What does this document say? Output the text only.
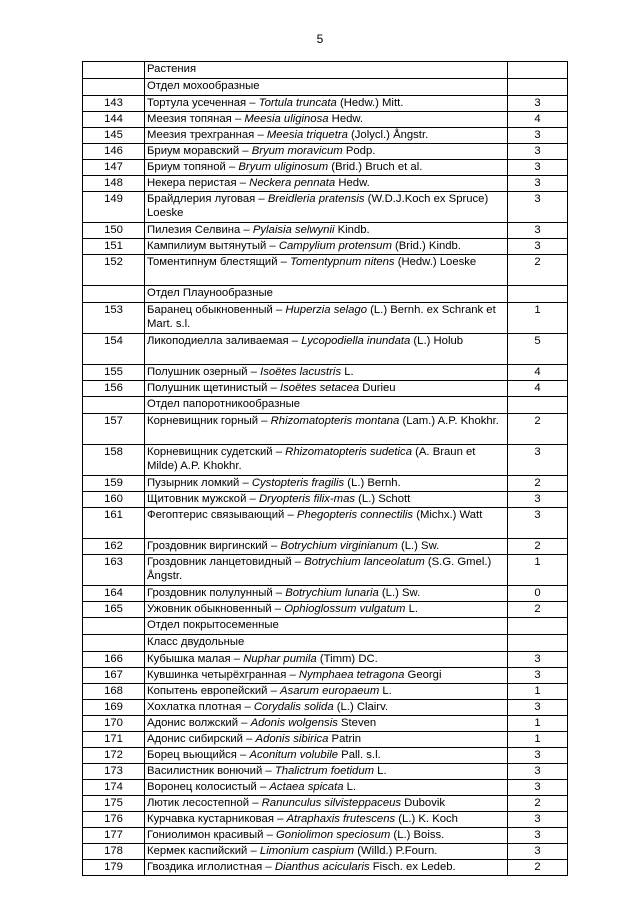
5
	Растения	
	Отдел мохообразные	
143	Тортула усеченная – Tortula truncata (Hedw.) Mitt.	3
144	Меезия топяная – Meesia uliginosa Hedw.	4
145	Меезия трехгранная – Meesia triquetra (Jolycl.) Ångstr.	3
146	Бриум моравский – Bryum moravicum Podp.	3
147	Бриум топяной – Bryum uliginosum (Brid.) Bruch et al.	3
148	Некера перистая – Neckera pennata Hedw.	3
149	Брайдлерия луговая – Breidleria pratensis (W.D.J.Koch ex Spruce) Loeske	3
150	Пилезия Селвина – Pylaisia selwynii Kindb.	3
151	Кампилиум вытянутый – Campylium protensum (Brid.) Kindb.	3
152	Томентипнум блестящий – Tomentypnum nitens (Hedw.) Loeske	2
	Отдел Плаунообразные	
153	Баранец обыкновенный – Huperzia selago (L.) Bernh. ex Schrank et Mart. s.l.	1
154	Ликоподиелла заливаемая – Lycopodiella inundata (L.) Holub	5
155	Полушник озерный – Isoëtes lacustris L.	4
156	Полушник щетинистый – Isoëtes setacea Durieu	4
	Отдел папоротникообразные	
157	Корневищник горный – Rhizomatopteris montana (Lam.) A.P. Khokhr.	2
158	Корневищник судетский – Rhizomatopteris sudetica (A. Braun et Milde) A.P. Khokhr.	3
159	Пузырник ломкий – Cystopteris fragilis (L.) Bernh.	2
160	Щитовник мужской – Dryopteris filix-mas (L.) Schott	3
161	Фегоптерис связывающий – Phegopteris connectilis (Michx.) Watt	3
162	Гроздовник виргинский – Botrychium virginianum (L.) Sw.	2
163	Гроздовник ланцетовидный – Botrychium lanceolatum (S.G. Gmel.) Ångstr.	1
164	Гроздовник полулунный – Botrychium lunaria (L.) Sw.	0
165	Ужовник обыкновенный – Ophioglossum vulgatum L.	2
	Отдел покрытосеменные	
	Класс двудольные	
166	Кубышка малая – Nuphar pumila (Timm) DC.	3
167	Кувшинка четырёхгранная – Nymphaea tetragona Georgi	3
168	Копытень европейский – Asarum europaeum L.	1
169	Хохлатка плотная – Corydalis solida (L.) Clairv.	3
170	Адонис волжский – Adonis wolgensis Steven	1
171	Адонис сибирский – Adonis sibirica Patrin	1
172	Борец вьющийся – Aconitum volubile Pall. s.l.	3
173	Василистник вонючий – Thalictrum foetidum L.	3
174	Воронец колосистый – Actaea spicata L.	3
175	Лютик лесостепной – Ranunculus silvisteppaceus Dubovik	2
176	Курчавка кустарниковая – Atraphaxis frutescens (L.) K. Koch	3
177	Гониолимон красивый – Goniolimon speciosum (L.) Boiss.	3
178	Кермек каспийский – Limonium caspium (Willd.) P.Fourn.	3
179	Гвоздика иглолистная – Dianthus acicularis Fisch. ex Ledeb.	2
